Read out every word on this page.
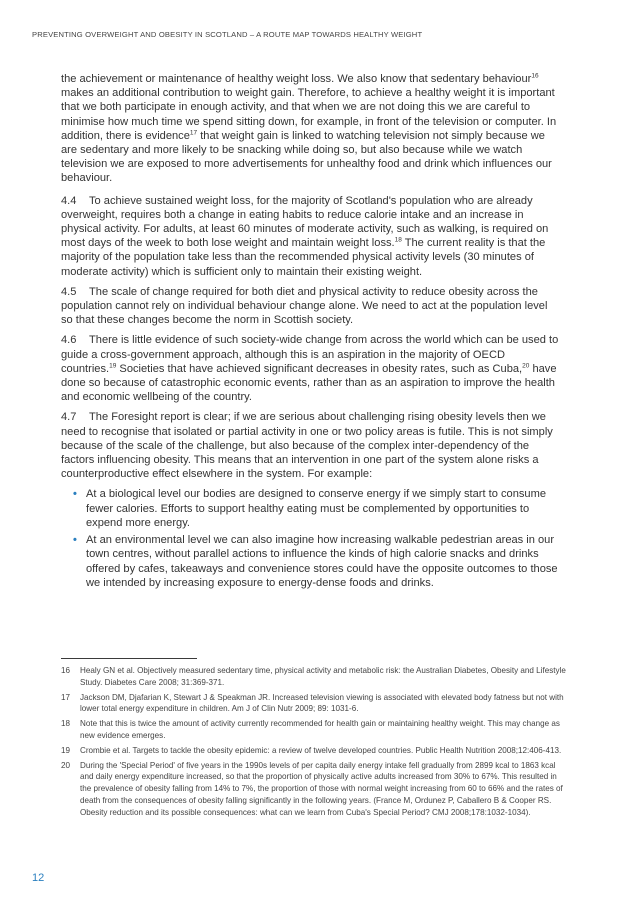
PREVENTING OVERWEIGHT AND OBESITY IN SCOTLAND – A ROUTE MAP TOWARDS HEALTHY WEIGHT

the achievement or maintenance of healthy weight loss. We also know that sedentary behaviour$^{16}$ makes an additional contribution to weight gain. Therefore, to achieve a healthy weight it is important that we both participate in enough activity, and that when we are not doing this we are careful to minimise how much time we spend sitting down, for example, in front of the television or computer. In addition, there is evidence$^{17}$ that weight gain is linked to watching television not simply because we are sedentary and more likely to be snacking while doing so, but also because while we watch television we are exposed to more advertisements for unhealthy food and drink which influences our behaviour.

4.4 To achieve sustained weight loss, for the majority of Scotland's population who are already overweight, requires both a change in eating habits to reduce calorie intake and an increase in physical activity. For adults, at least 60 minutes of moderate activity, such as walking, is required on most days of the week to both lose weight and maintain weight loss.$^{18}$ The current reality is that the majority of the population take less than the recommended physical activity levels (30 minutes of moderate activity) which is sufficient only to maintain their existing weight.

4.5 The scale of change required for both diet and physical activity to reduce obesity across the population cannot rely on individual behaviour change alone. We need to act at the population level so that these changes become the norm in Scottish society.

4.6 There is little evidence of such society-wide change from across the world which can be used to guide a cross-government approach, although this is an aspiration in the majority of OECD countries.$^{19}$ Societies that have achieved significant decreases in obesity rates, such as Cuba,$^{20}$ have done so because of catastrophic economic events, rather than as an aspiration to improve the health and economic wellbeing of the country.

4.7 The Foresight report is clear; if we are serious about challenging rising obesity levels then we need to recognise that isolated or partial activity in one or two policy areas is futile. This is not simply because of the scale of the challenge, but also because of the complex inter-dependency of the factors influencing obesity. This means that an intervention in one part of the system alone risks a counterproductive effect elsewhere in the system. For example:

• At a biological level our bodies are designed to conserve energy if we simply start to consume fewer calories. Efforts to support healthy eating must be complemented by opportunities to expend more energy.
• At an environmental level we can also imagine how increasing walkable pedestrian areas in our town centres, without parallel actions to influence the kinds of high calorie snacks and drinks offered by cafes, takeaways and convenience stores could have the opposite outcomes to those we intended by increasing exposure to energy-dense foods and drinks.
16	Healy GN et al. Objectively measured sedentary time, physical activity and metabolic risk: the Australian Diabetes, Obesity and Lifestyle Study. Diabetes Care 2008; 31:369-371.
17	Jackson DM, Djafarian K, Stewart J & Speakman JR. Increased television viewing is associated with elevated body fatness but not with lower total energy expenditure in children. Am J of Clin Nutr 2009; 89: 1031-6.
18	Note that this is twice the amount of activity currently recommended for health gain or maintaining healthy weight. This may change as new evidence emerges.
19	Crombie et al. Targets to tackle the obesity epidemic: a review of twelve developed countries. Public Health Nutrition 2008;12:406-413.
20	During the 'Special Period' of five years in the 1990s levels of per capita daily energy intake fell gradually from 2899 kcal to 1863 kcal and daily energy expenditure increased, so that the proportion of physically active adults increased from 30% to 67%. This resulted in the prevalence of obesity falling from 14% to 7%, the proportion of those with normal weight increasing from 60 to 66% and the rates of death from the consequences of obesity falling significantly in the following years. (France M, Ordunez P, Caballero B & Cooper RS. Obesity reduction and its possible consequences: what can we learn from Cuba's Special Period? CMJ 2008;178:1032-1034).
12
